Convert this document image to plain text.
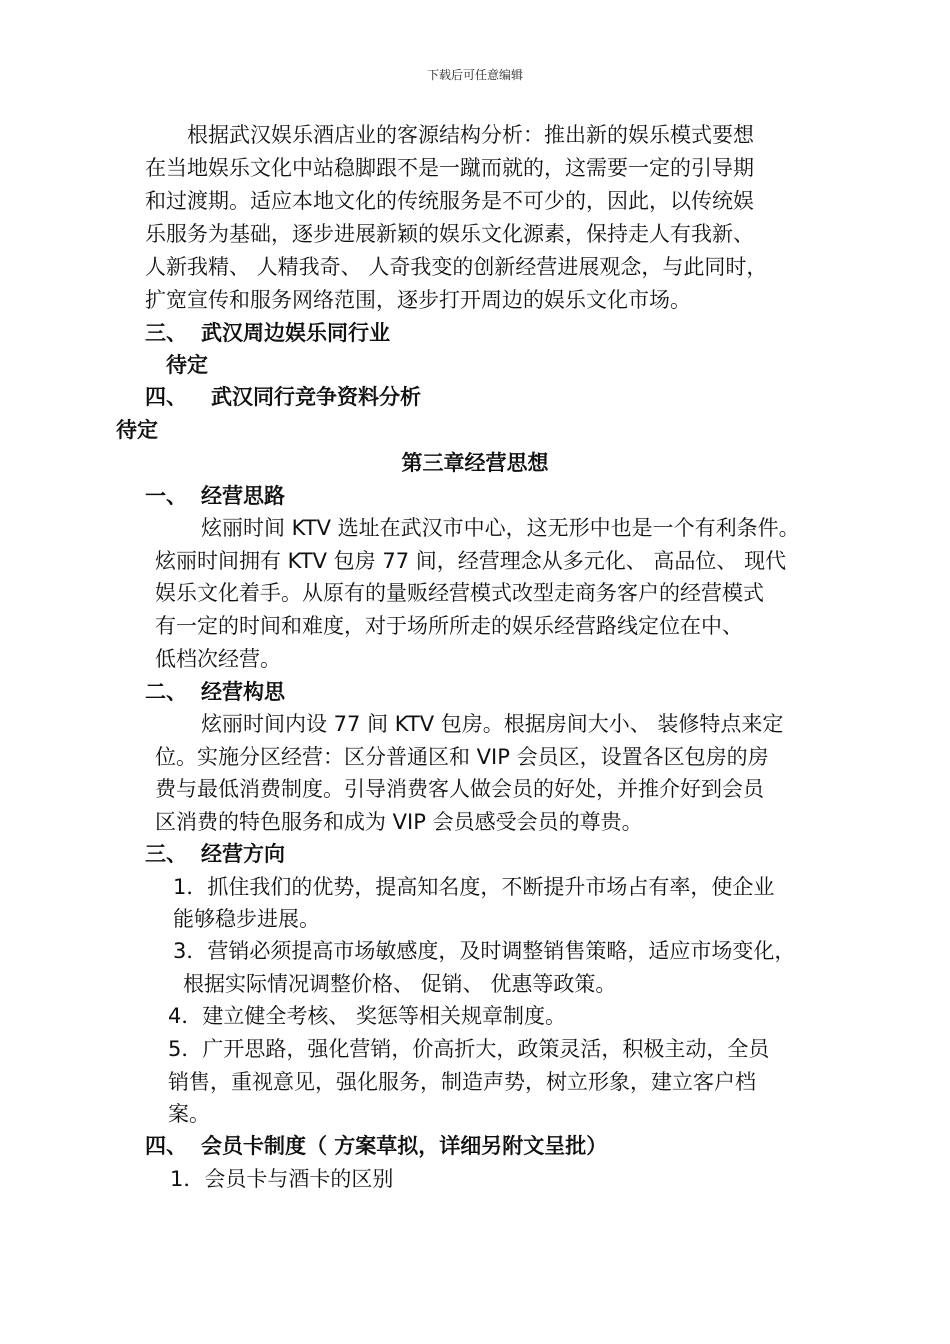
下载后可任意编辑
根据武汉娱乐酒店业的客源结构分析：推出新的娱乐模式要想
在当地娱乐文化中站稳脚跟不是一蹴而就的，这需要一定的引导期
和过渡期。适应本地文化的传统服务是不可少的，因此，以传统娱
乐服务为基础，逐步进展新颖的娱乐文化源素，保持走人有我新、
人新我精、 人精我奇、 人奇我变的创新经营进展观念，与此同时，
扩宽宣传和服务网络范围，逐步打开周边的娱乐文化市场。
三、 武汉周边娱乐同行业
待定
四、 武汉同行竞争资料分析
待定
第三章经营思想
一、 经营思路
炫丽时间 KTV 选址在武汉市中心，这无形中也是一个有利条件。
炫丽时间拥有 KTV 包房 77 间，经营理念从多元化、 高品位、 现代
娱乐文化着手。从原有的量贩经营模式改型走商务客户的经营模式
有一定的时间和难度，对于场所所走的娱乐经营路线定位在中、
低档次经营。
二、 经营构思
炫丽时间内设 77 间 KTV 包房。根据房间大小、 装修特点来定
位。实施分区经营：区分普通区和 VIP 会员区，设置各区包房的房
费与最低消费制度。引导消费客人做会员的好处，并推介好到会员
区消费的特色服务和成为 VIP 会员感受会员的尊贵。
三、 经营方向
1．抓住我们的优势，提高知名度，不断提升市场占有率，使企业
能够稳步进展。
3．营销必须提高市场敏感度，及时调整销售策略，适应市场变化，
根据实际情况调整价格、 促销、 优惠等政策。
4．建立健全考核、 奖惩等相关规章制度。
5．广开思路，强化营销，价高折大，政策灵活，积极主动，全员
销售，重视意见，强化服务，制造声势，树立形象，建立客户档
案。
四、 会员卡制度（ 方案草拟，详细另附文呈批）
1．会员卡与酒卡的区别
